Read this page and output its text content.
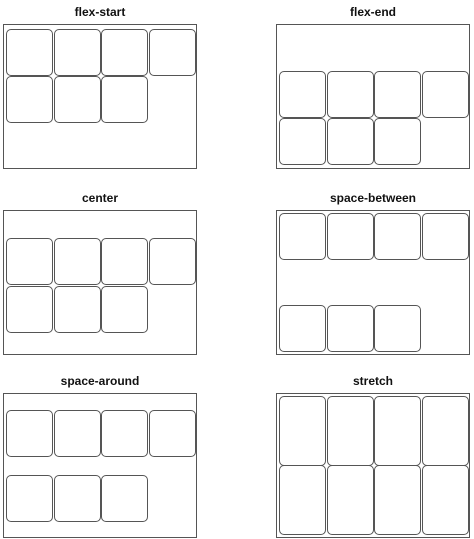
flex-start	flex-end
center	space-between
space-around	stretch
